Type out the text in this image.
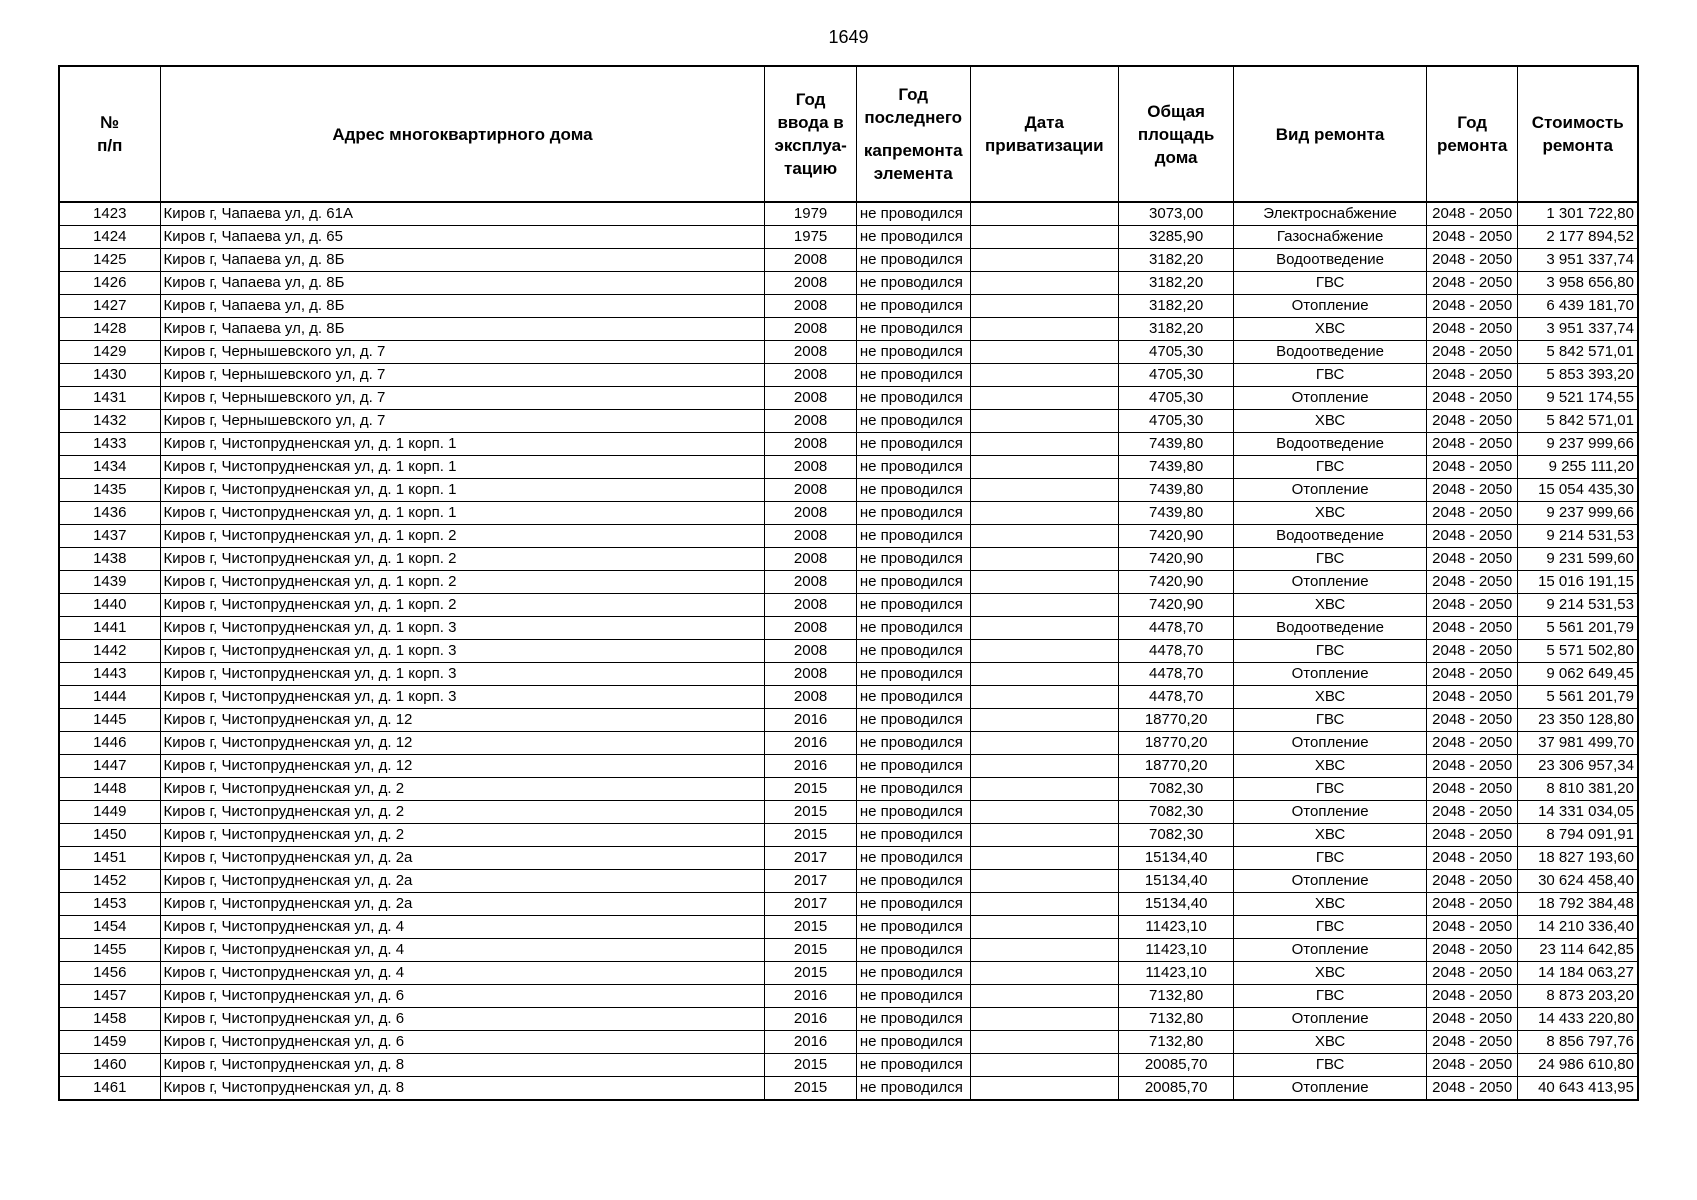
1649
№
п/п	Адрес многоквартирного дома	Год
ввода в
эксплуа-
тацию	Год
последнего
капремонта
элемента	Дата
приватизации	Общая
площадь
дома	Вид ремонта	Год
ремонта	Стоимость
ремонта

1423	Киров г, Чапаева ул, д. 61А	1979	не проводился		3073,00	Электроснабжение	2048 - 2050	1 301 722,80
1424	Киров г, Чапаева ул, д. 65	1975	не проводился		3285,90	Газоснабжение	2048 - 2050	2 177 894,52
1425	Киров г, Чапаева ул, д. 8Б	2008	не проводился		3182,20	Водоотведение	2048 - 2050	3 951 337,74
1426	Киров г, Чапаева ул, д. 8Б	2008	не проводился		3182,20	ГВС	2048 - 2050	3 958 656,80
1427	Киров г, Чапаева ул, д. 8Б	2008	не проводился		3182,20	Отопление	2048 - 2050	6 439 181,70
1428	Киров г, Чапаева ул, д. 8Б	2008	не проводился		3182,20	ХВС	2048 - 2050	3 951 337,74
1429	Киров г, Чернышевского ул, д. 7	2008	не проводился		4705,30	Водоотведение	2048 - 2050	5 842 571,01
1430	Киров г, Чернышевского ул, д. 7	2008	не проводился		4705,30	ГВС	2048 - 2050	5 853 393,20
1431	Киров г, Чернышевского ул, д. 7	2008	не проводился		4705,30	Отопление	2048 - 2050	9 521 174,55
1432	Киров г, Чернышевского ул, д. 7	2008	не проводился		4705,30	ХВС	2048 - 2050	5 842 571,01
1433	Киров г, Чистопрудненская ул, д. 1 корп. 1	2008	не проводился		7439,80	Водоотведение	2048 - 2050	9 237 999,66
1434	Киров г, Чистопрудненская ул, д. 1 корп. 1	2008	не проводился		7439,80	ГВС	2048 - 2050	9 255 111,20
1435	Киров г, Чистопрудненская ул, д. 1 корп. 1	2008	не проводился		7439,80	Отопление	2048 - 2050	15 054 435,30
1436	Киров г, Чистопрудненская ул, д. 1 корп. 1	2008	не проводился		7439,80	ХВС	2048 - 2050	9 237 999,66
1437	Киров г, Чистопрудненская ул, д. 1 корп. 2	2008	не проводился		7420,90	Водоотведение	2048 - 2050	9 214 531,53
1438	Киров г, Чистопрудненская ул, д. 1 корп. 2	2008	не проводился		7420,90	ГВС	2048 - 2050	9 231 599,60
1439	Киров г, Чистопрудненская ул, д. 1 корп. 2	2008	не проводился		7420,90	Отопление	2048 - 2050	15 016 191,15
1440	Киров г, Чистопрудненская ул, д. 1 корп. 2	2008	не проводился		7420,90	ХВС	2048 - 2050	9 214 531,53
1441	Киров г, Чистопрудненская ул, д. 1 корп. 3	2008	не проводился		4478,70	Водоотведение	2048 - 2050	5 561 201,79
1442	Киров г, Чистопрудненская ул, д. 1 корп. 3	2008	не проводился		4478,70	ГВС	2048 - 2050	5 571 502,80
1443	Киров г, Чистопрудненская ул, д. 1 корп. 3	2008	не проводился		4478,70	Отопление	2048 - 2050	9 062 649,45
1444	Киров г, Чистопрудненская ул, д. 1 корп. 3	2008	не проводился		4478,70	ХВС	2048 - 2050	5 561 201,79
1445	Киров г, Чистопрудненская ул, д. 12	2016	не проводился		18770,20	ГВС	2048 - 2050	23 350 128,80
1446	Киров г, Чистопрудненская ул, д. 12	2016	не проводился		18770,20	Отопление	2048 - 2050	37 981 499,70
1447	Киров г, Чистопрудненская ул, д. 12	2016	не проводился		18770,20	ХВС	2048 - 2050	23 306 957,34
1448	Киров г, Чистопрудненская ул, д. 2	2015	не проводился		7082,30	ГВС	2048 - 2050	8 810 381,20
1449	Киров г, Чистопрудненская ул, д. 2	2015	не проводился		7082,30	Отопление	2048 - 2050	14 331 034,05
1450	Киров г, Чистопрудненская ул, д. 2	2015	не проводился		7082,30	ХВС	2048 - 2050	8 794 091,91
1451	Киров г, Чистопрудненская ул, д. 2а	2017	не проводился		15134,40	ГВС	2048 - 2050	18 827 193,60
1452	Киров г, Чистопрудненская ул, д. 2а	2017	не проводился		15134,40	Отопление	2048 - 2050	30 624 458,40
1453	Киров г, Чистопрудненская ул, д. 2а	2017	не проводился		15134,40	ХВС	2048 - 2050	18 792 384,48
1454	Киров г, Чистопрудненская ул, д. 4	2015	не проводился		11423,10	ГВС	2048 - 2050	14 210 336,40
1455	Киров г, Чистопрудненская ул, д. 4	2015	не проводился		11423,10	Отопление	2048 - 2050	23 114 642,85
1456	Киров г, Чистопрудненская ул, д. 4	2015	не проводился		11423,10	ХВС	2048 - 2050	14 184 063,27
1457	Киров г, Чистопрудненская ул, д. 6	2016	не проводился		7132,80	ГВС	2048 - 2050	8 873 203,20
1458	Киров г, Чистопрудненская ул, д. 6	2016	не проводился		7132,80	Отопление	2048 - 2050	14 433 220,80
1459	Киров г, Чистопрудненская ул, д. 6	2016	не проводился		7132,80	ХВС	2048 - 2050	8 856 797,76
1460	Киров г, Чистопрудненская ул, д. 8	2015	не проводился		20085,70	ГВС	2048 - 2050	24 986 610,80
1461	Киров г, Чистопрудненская ул, д. 8	2015	не проводился		20085,70	Отопление	2048 - 2050	40 643 413,95
